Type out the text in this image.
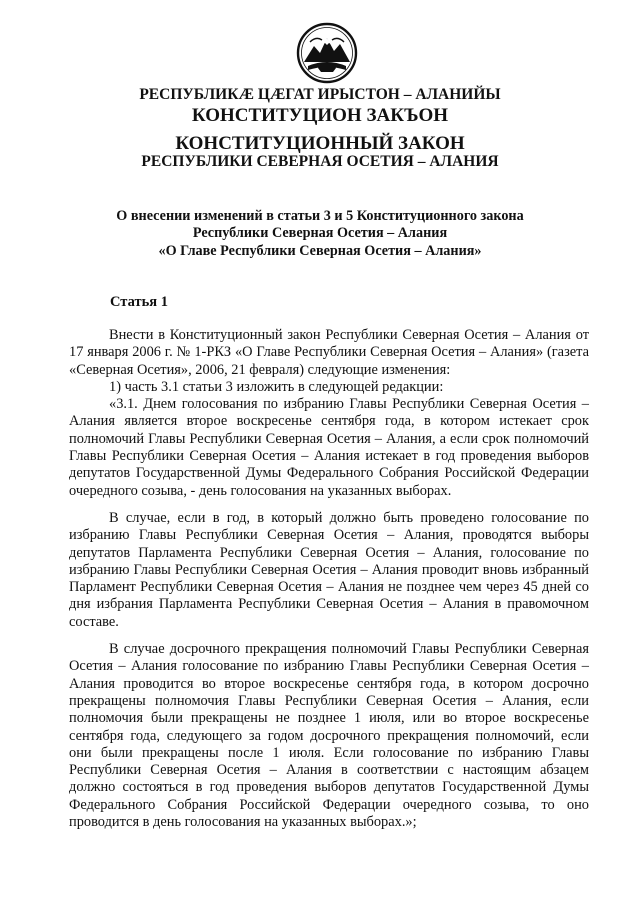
РЕСПУБЛИКÆ ЦÆГАТ ИРЫСТОН – АЛАНИЙЫ
КОНСТИТУЦИОН ЗАКЪОН
КОНСТИТУЦИОННЫЙ ЗАКОН
РЕСПУБЛИКИ СЕВЕРНАЯ ОСЕТИЯ – АЛАНИЯ
О внесении изменений в статьи 3 и 5 Конституционного закона
Республики Северная Осетия – Алания
«О Главе Республики Северная Осетия – Алания»
Статья 1

Внести в Конституционный закон Республики Северная Осетия – Алания от 17 января 2006 г. № 1-РКЗ «О Главе Республики Северная Осетия – Алания» (газета «Северная Осетия», 2006, 21 февраля) следующие изменения:

1) часть 3.1 статьи 3 изложить в следующей редакции:

«3.1. Днем голосования по избранию Главы Республики Северная Осетия – Алания является второе воскресенье сентября года, в котором истекает срок полномочий Главы Республики Северная Осетия – Алания, а если срок полномочий Главы Республики Северная Осетия – Алания истекает в год проведения выборов депутатов Государственной Думы Федерального Собрания Российской Федерации очередного созыва, - день голосования на указанных выборах.

В случае, если в год, в который должно быть проведено голосование по избранию Главы Республики Северная Осетия – Алания, проводятся выборы депутатов Парламента Республики Северная Осетия – Алания, голосование по избранию Главы Республики Северная Осетия – Алания проводит вновь избранный Парламент Республики Северная Осетия – Алания не позднее чем через 45 дней со дня избрания Парламента Республики Северная Осетия – Алания в правомочном составе.

В случае досрочного прекращения полномочий Главы Республики Северная Осетия – Алания голосование по избранию Главы Республики Северная Осетия – Алания проводится во второе воскресенье сентября года, в котором досрочно прекращены полномочия Главы Республики Северная Осетия – Алания, если полномочия были прекращены не позднее 1 июля, или во второе воскресенье сентября года, следующего за годом досрочного прекращения полномочий, если они были прекращены после 1 июля. Если голосование по избранию Главы Республики Северная Осетия – Алания в соответствии с настоящим абзацем должно состояться в год проведения выборов депутатов Государственной Думы Федерального Собрания Российской Федерации очередного созыва, то оно проводится в день голосования на указанных выборах.»;
